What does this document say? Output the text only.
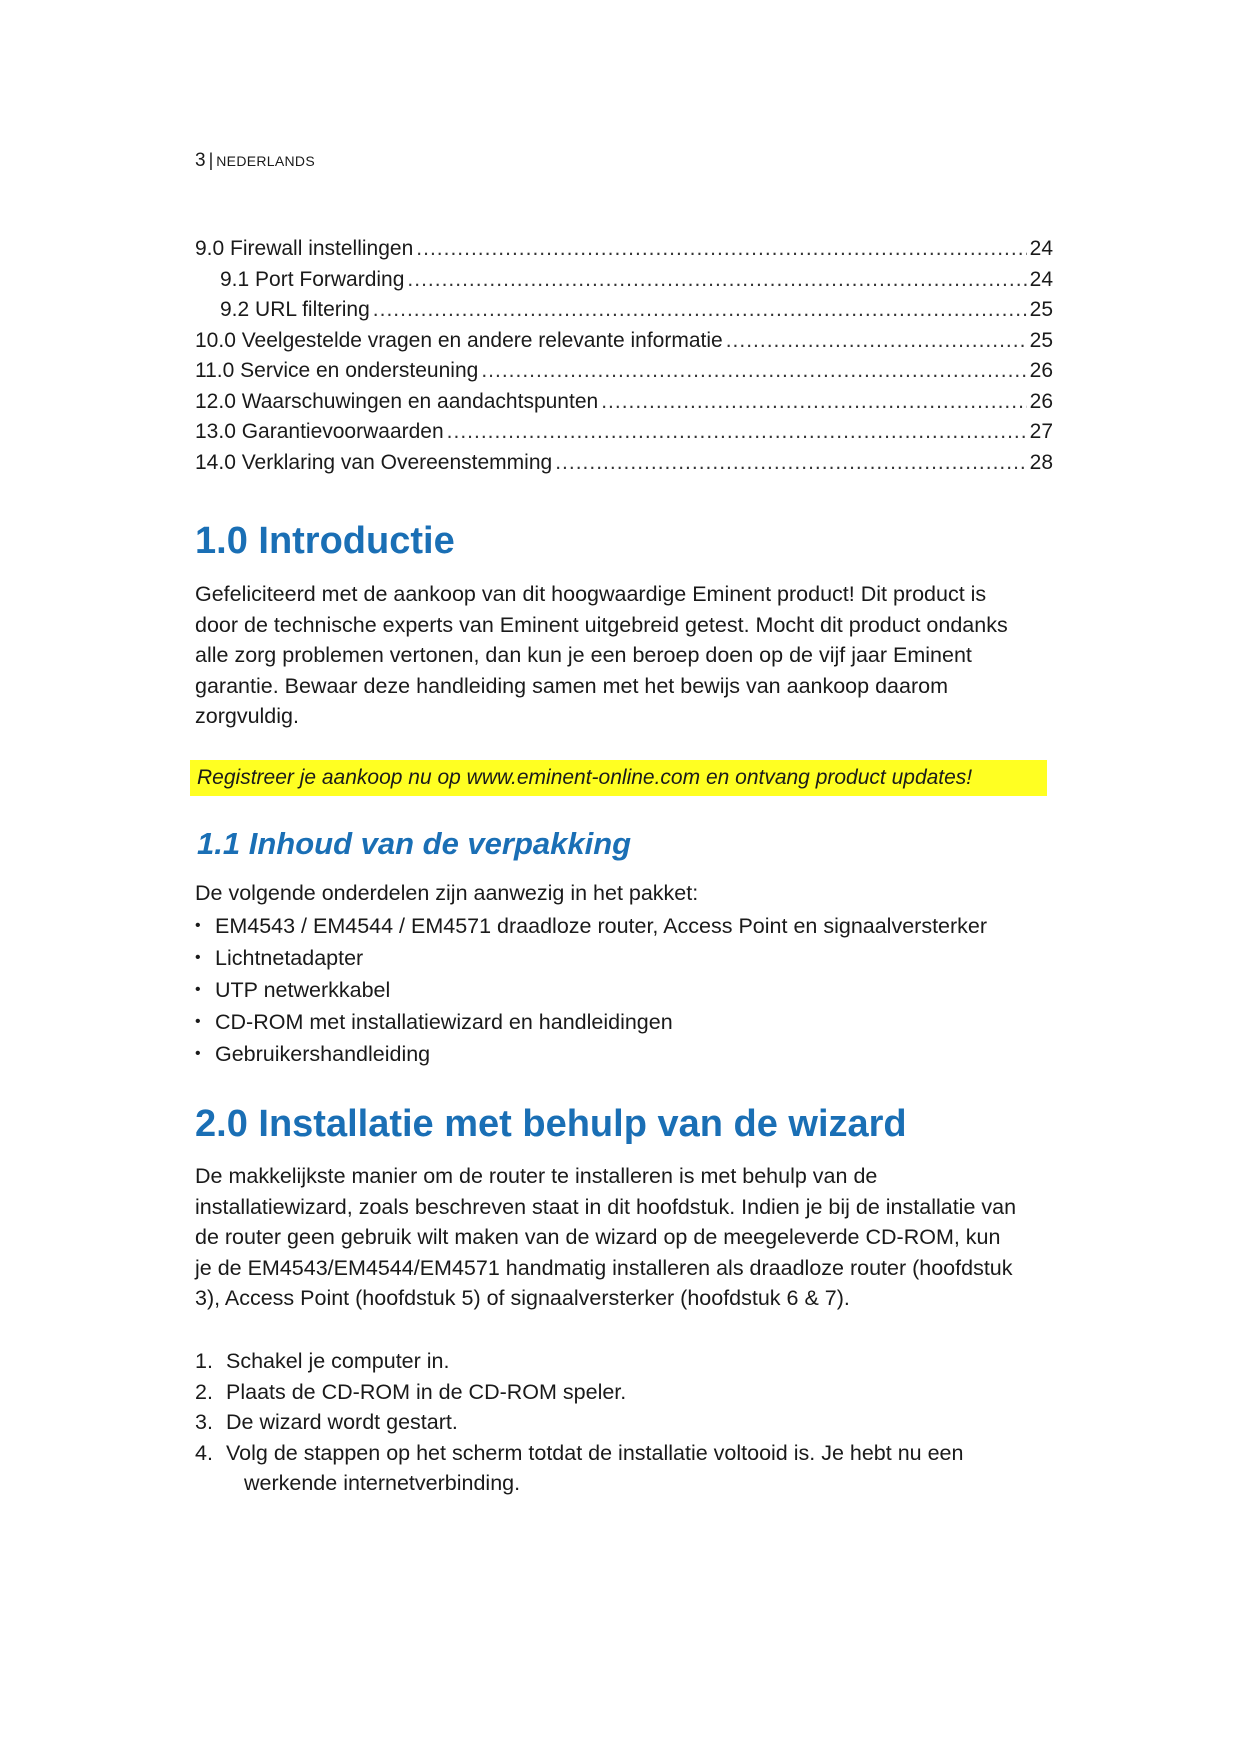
3 | NEDERLANDS
9.0 Firewall instellingen .....	24
9.1 Port Forwarding .....	24
9.2 URL filtering .....	25
10.0 Veelgestelde vragen en andere relevante informatie .....	25
11.0 Service en ondersteuning .....	26
12.0 Waarschuwingen en aandachtspunten .....	26
13.0 Garantievoorwaarden .....	27
14.0 Verklaring van Overeenstemming .....	28
1.0 Introductie

Gefeliciteerd met de aankoop van dit hoogwaardige Eminent product! Dit product is
door de technische experts van Eminent uitgebreid getest. Mocht dit product ondanks
alle zorg problemen vertonen, dan kun je een beroep doen op de vijf jaar Eminent
garantie. Bewaar deze handleiding samen met het bewijs van aankoop daarom
zorgvuldig.

Registreer je aankoop nu op www.eminent-online.com en ontvang product updates!
1.1 Inhoud van de verpakking
De volgende onderdelen zijn aanwezig in het pakket:
• EM4543 / EM4544 / EM4571 draadloze router, Access Point en signaalversterker
• Lichtnetadapter
• UTP netwerkkabel
• CD-ROM met installatiewizard en handleidingen
• Gebruikershandleiding
2.0 Installatie met behulp van de wizard

De makkelijkste manier om de router te installeren is met behulp van de
installatiewizard, zoals beschreven staat in dit hoofdstuk. Indien je bij de installatie van
de router geen gebruik wilt maken van de wizard op de meegeleverde CD-ROM, kun
je de EM4543/EM4544/EM4571 handmatig installeren als draadloze router (hoofdstuk
3), Access Point (hoofdstuk 5) of signaalversterker (hoofdstuk 6 & 7).

1. Schakel je computer in.
2. Plaats de CD-ROM in de CD-ROM speler.
3. De wizard wordt gestart.
4. Volg de stappen op het scherm totdat de installatie voltooid is. Je hebt nu een
werkende internetverbinding.
